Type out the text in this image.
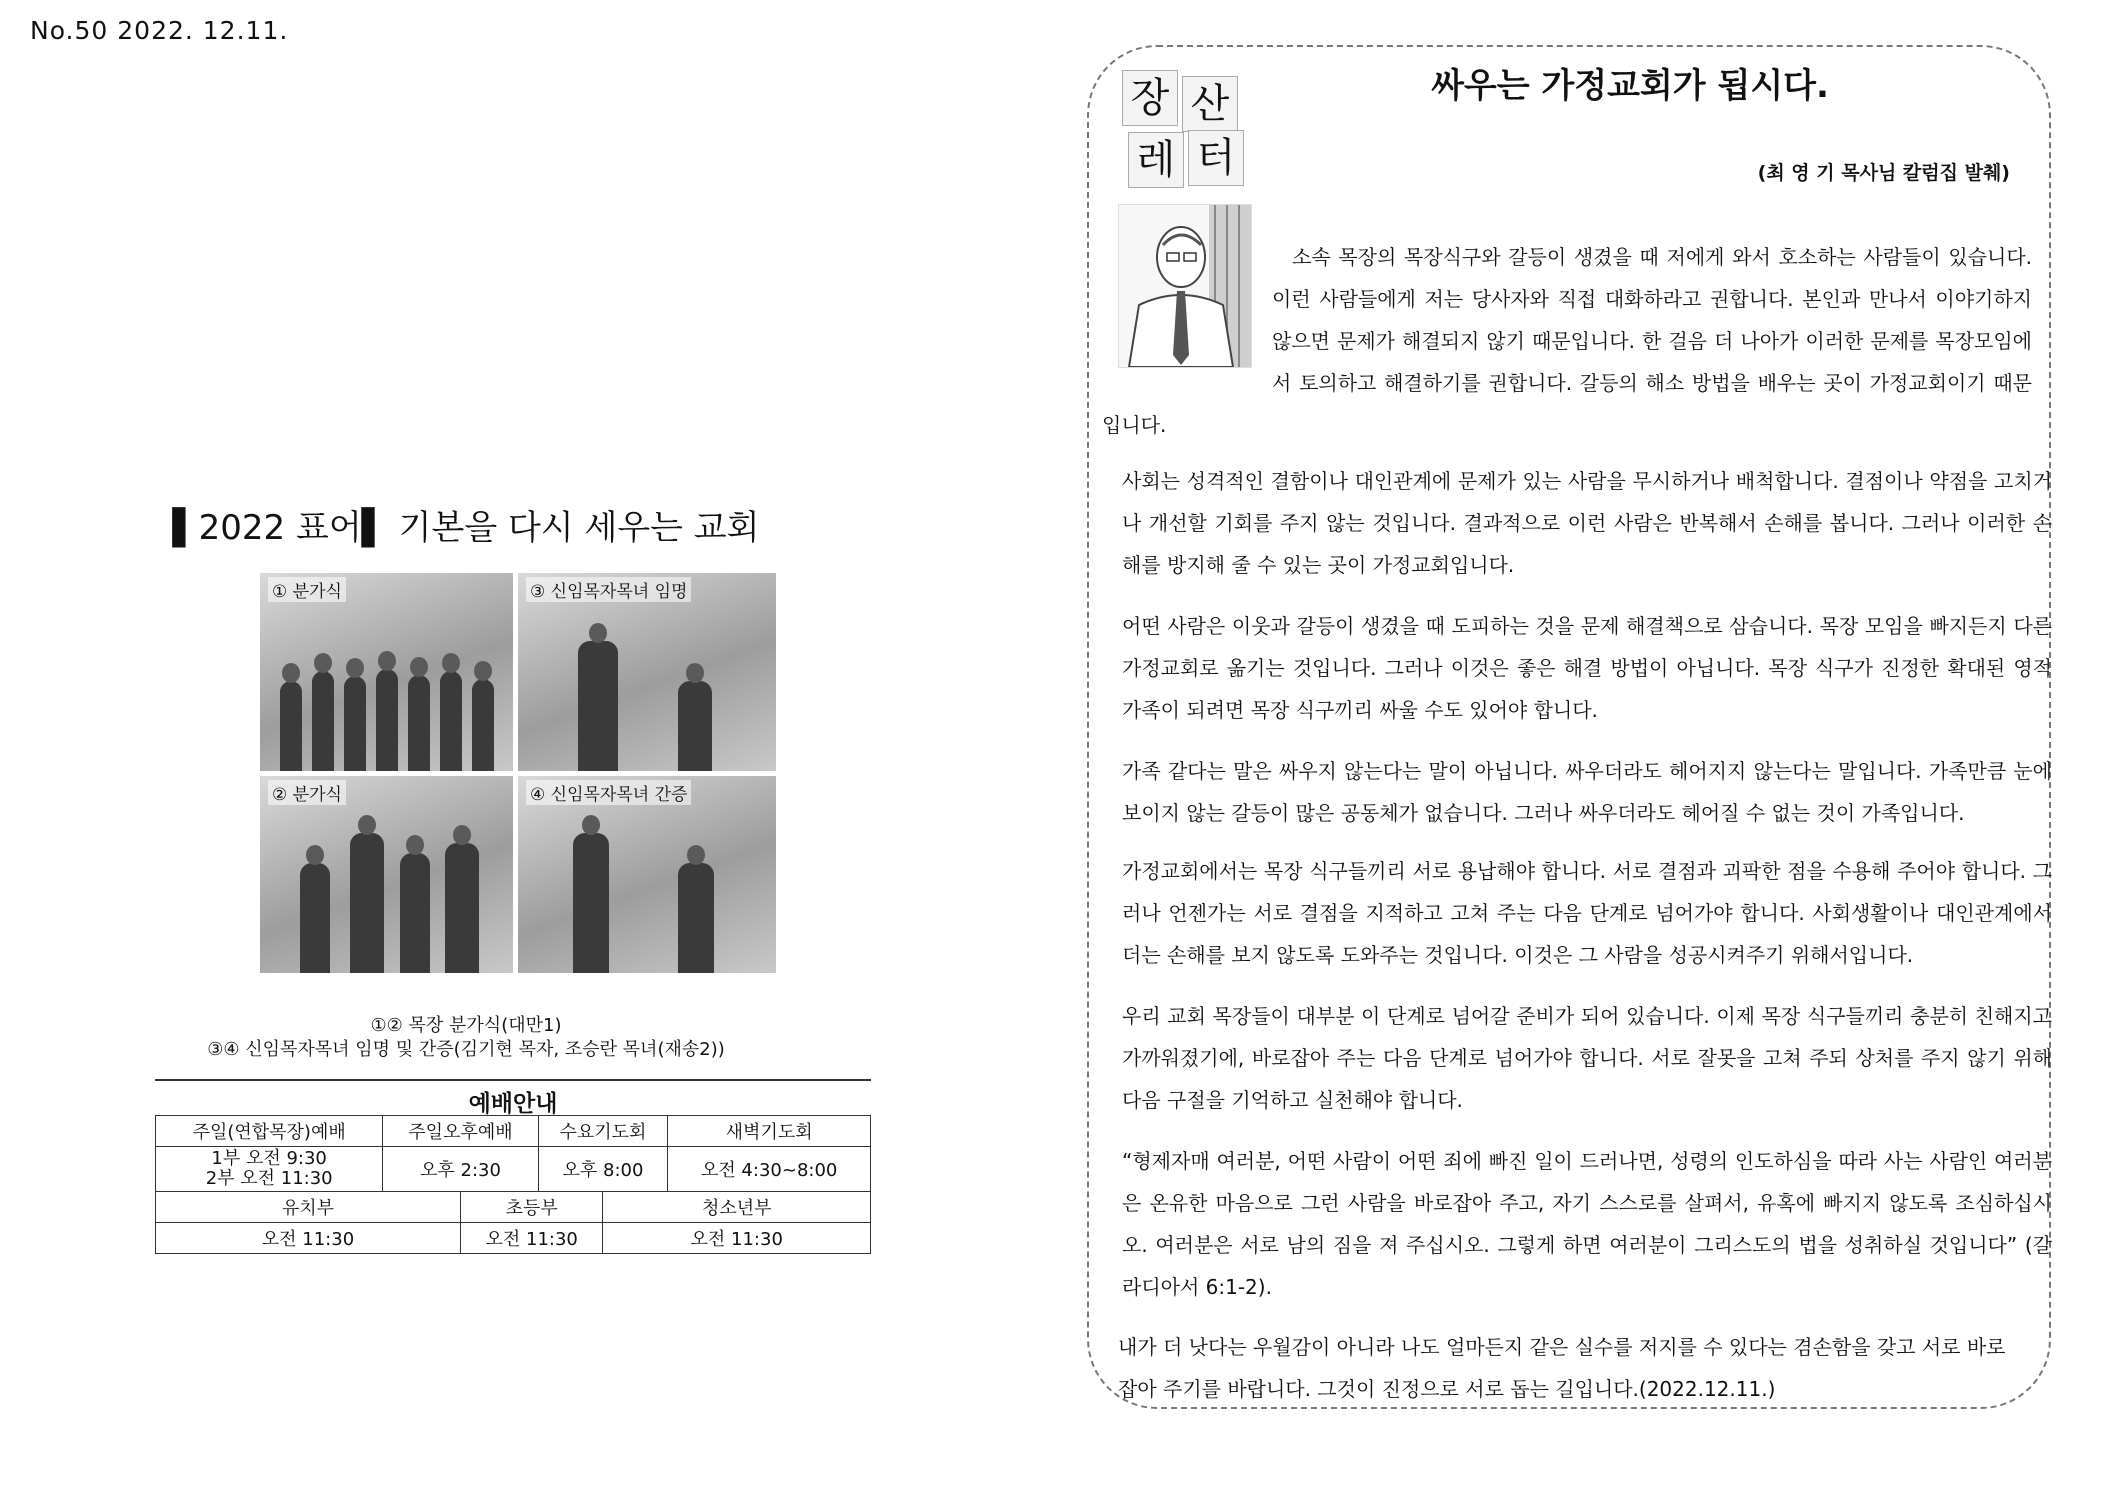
No.50 2022. 12.11.
▌2022 표어▌ 기본을 다시 세우는 교회
① 분가식	③ 신임목자목녀 임명
② 분가식	④ 신임목자목녀 간증
①② 목장 분가식(대만1)
③④ 신임목자목녀 임명 및 간증(김기현 목자, 조승란 목녀(재송2))
예배안내
주일(연합목장)예배	주일오후예배		수요기도회		새벽기도회

1부 오전 9:30
2부 오전 11:30	오후 2:30		오후 8:00		오전 4:30~8:00
유치부		초등부		청소년부	
오전 11:30		오전 11:30		오전 11:30	
장 산
레 터
싸우는 가정교회가 됩시다.
(최 영 기 목사님 칼럼집 발췌)
소속 목장의 목장식구와 갈등이 생겼을 때 저에게 와서 호소하는 사람들이 있습니다. 이런 사람들에게 저는 당사자와 직접 대화하라고 권합니다. 본인과 만나서 이야기하지 않으면 문제가 해결되지 않기 때문입니다. 한 걸음 더 나아가 이러한 문제를 목장모임에서 토의하고 해결하기를 권합니다. 갈등의 해소 방법을 배우는 곳이 가정교회이기 때문입니다.
사회는 성격적인 결함이나 대인관계에 문제가 있는 사람을 무시하거나 배척합니다. 결점이나 약점을 고치거나 개선할 기회를 주지 않는 것입니다. 결과적으로 이런 사람은 반복해서 손해를 봅니다. 그러나 이러한 손해를 방지해 줄 수 있는 곳이 가정교회입니다.
어떤 사람은 이웃과 갈등이 생겼을 때 도피하는 것을 문제 해결책으로 삼습니다. 목장 모임을 빠지든지 다른 가정교회로 옮기는 것입니다. 그러나 이것은 좋은 해결 방법이 아닙니다. 목장 식구가 진정한 확대된 영적 가족이 되려면 목장 식구끼리 싸울 수도 있어야 합니다.
가족 같다는 말은 싸우지 않는다는 말이 아닙니다. 싸우더라도 헤어지지 않는다는 말입니다. 가족만큼 눈에 보이지 않는 갈등이 많은 공동체가 없습니다. 그러나 싸우더라도 헤어질 수 없는 것이 가족입니다.
가정교회에서는 목장 식구들끼리 서로 용납해야 합니다. 서로 결점과 괴팍한 점을 수용해 주어야 합니다. 그러나 언젠가는 서로 결점을 지적하고 고쳐 주는 다음 단계로 넘어가야 합니다. 사회생활이나 대인관계에서 더는 손해를 보지 않도록 도와주는 것입니다. 이것은 그 사람을 성공시켜주기 위해서입니다.
우리 교회 목장들이 대부분 이 단계로 넘어갈 준비가 되어 있습니다. 이제 목장 식구들끼리 충분히 친해지고 가까워졌기에, 바로잡아 주는 다음 단계로 넘어가야 합니다. 서로 잘못을 고쳐 주되 상처를 주지 않기 위해 다음 구절을 기억하고 실천해야 합니다.
“형제자매 여러분, 어떤 사람이 어떤 죄에 빠진 일이 드러나면, 성령의 인도하심을 따라 사는 사람인 여러분은 온유한 마음으로 그런 사람을 바로잡아 주고, 자기 스스로를 살펴서, 유혹에 빠지지 않도록 조심하십시오. 여러분은 서로 남의 짐을 져 주십시오. 그렇게 하면 여러분이 그리스도의 법을 성취하실 것입니다” (갈라디아서 6:1-2).
내가 더 낫다는 우월감이 아니라 나도 얼마든지 같은 실수를 저지를 수 있다는 겸손함을 갖고 서로 바로잡아 주기를 바랍니다. 그것이 진정으로 서로 돕는 길입니다.(2022.12.11.)
